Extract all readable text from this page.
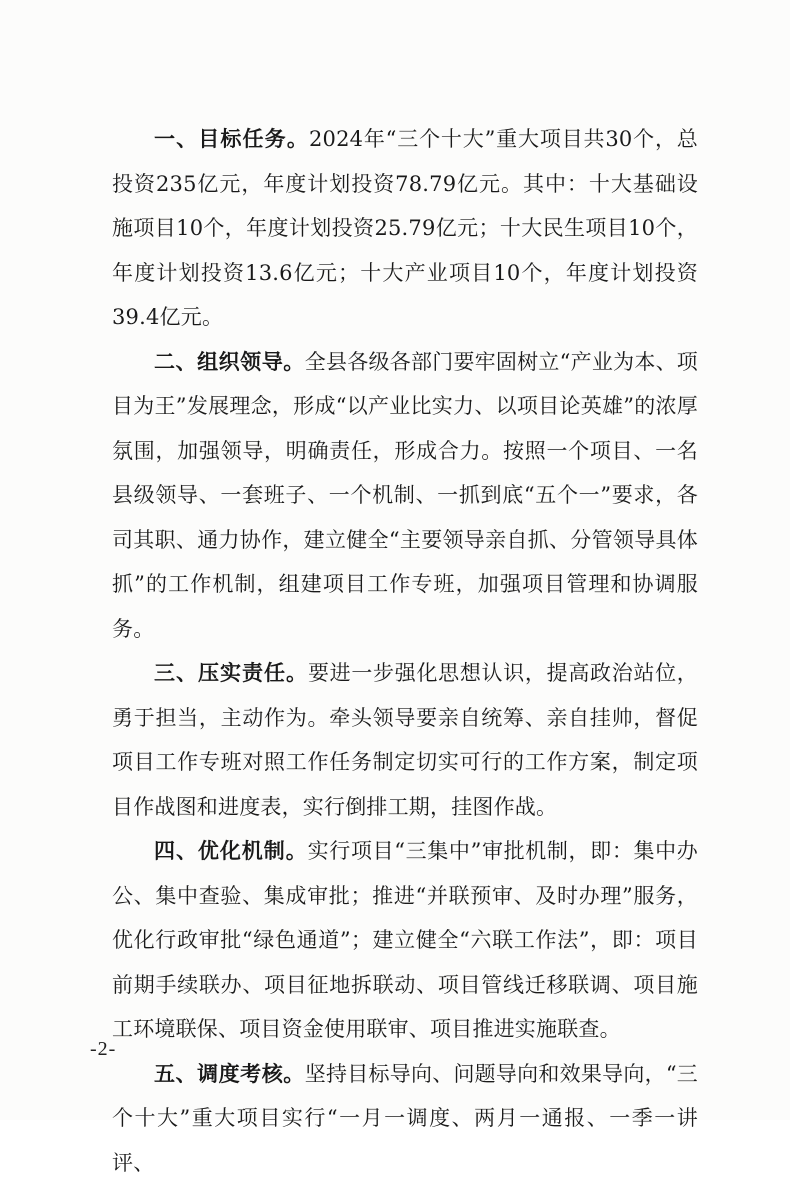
一、目标任务。2024年“三个十大”重大项目共30个，总投资235亿元，年度计划投资78.79亿元。其中：十大基础设施项目10个，年度计划投资25.79亿元；十大民生项目10个，年度计划投资13.6亿元；十大产业项目10个，年度计划投资39.4亿元。

二、组织领导。全县各级各部门要牢固树立“产业为本、项目为王”发展理念，形成“以产业比实力、以项目论英雄”的浓厚氛围，加强领导，明确责任，形成合力。按照一个项目、一名县级领导、一套班子、一个机制、一抓到底“五个一”要求，各司其职、通力协作，建立健全“主要领导亲自抓、分管领导具体抓”的工作机制，组建项目工作专班，加强项目管理和协调服务。

三、压实责任。要进一步强化思想认识，提高政治站位，勇于担当，主动作为。牵头领导要亲自统筹、亲自挂帅，督促项目工作专班对照工作任务制定切实可行的工作方案，制定项目作战图和进度表，实行倒排工期，挂图作战。

四、优化机制。实行项目“三集中”审批机制，即：集中办公、集中查验、集成审批；推进“并联预审、及时办理”服务，优化行政审批“绿色通道”；建立健全“六联工作法”，即：项目前期手续联办、项目征地拆联动、项目管线迁移联调、项目施工环境联保、项目资金使用联审、项目推进实施联查。

五、调度考核。坚持目标导向、问题导向和效果导向，“三个十大”重大项目实行“一月一调度、两月一通报、一季一讲评、

-2-
